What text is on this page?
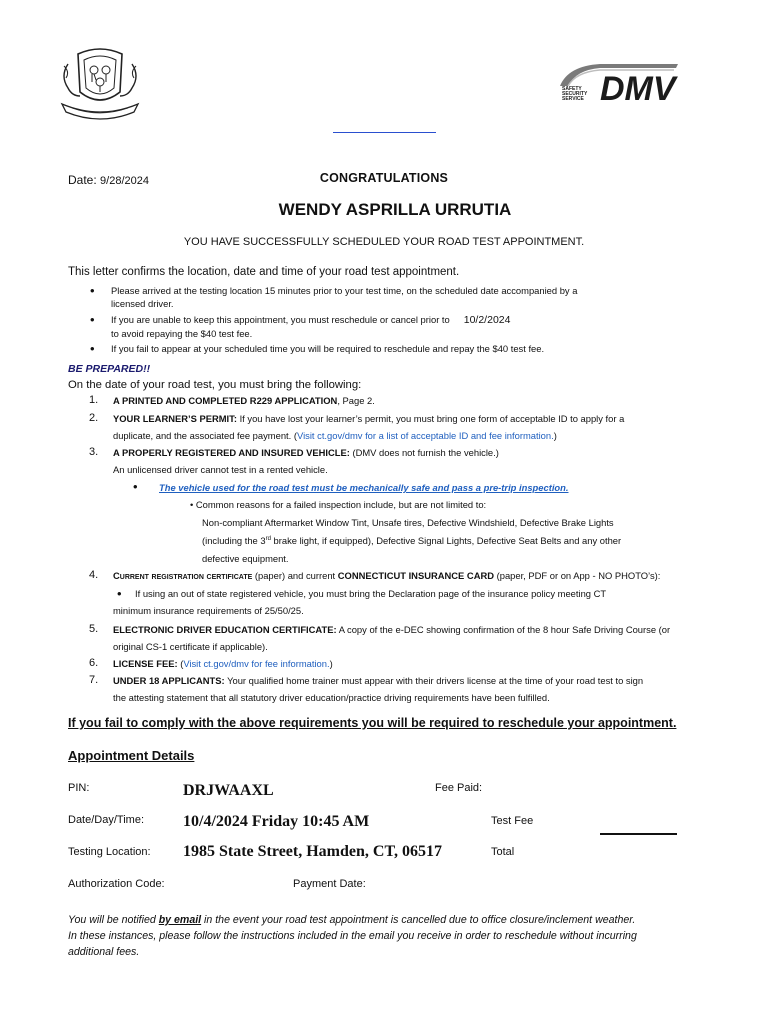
SAFETY
SECURITY
SERVICE DMV
Date: 9/28/2024	CONGRATULATIONS
WENDY ASPRILLA URRUTIA
YOU HAVE SUCCESSFULLY SCHEDULED YOUR ROAD TEST APPOINTMENT.
This letter confirms the location, date and time of your road test appointment.
• Please arrived at the testing location 15 minutes prior to your test time, on the scheduled date accompanied by a
licensed driver.
• If you are unable to keep this appointment, you must reschedule or cancel prior to 10/2/2024
to avoid repaying the $40 test fee.
• If you fail to appear at your scheduled time you will be required to reschedule and repay the $40 test fee.
BE PREPARED!!
On the date of your road test, you must bring the following:
1. A PRINTED AND COMPLETED R229 APPLICATION, Page 2.
2. YOUR LEARNER’S PERMIT: If you have lost your learner’s permit, you must bring one form of acceptable ID to apply for a
duplicate, and the associated fee payment. (Visit ct.gov/dmv for a list of acceptable ID and fee information.)
3. A PROPERLY REGISTERED AND INSURED VEHICLE: (DMV does not furnish the vehicle.)
An unlicensed driver cannot test in a rented vehicle.
• The vehicle used for the road test must be mechanically safe and pass a pre-trip inspection.
• Common reasons for a failed inspection include, but are not limited to:
Non-compliant Aftermarket Window Tint, Unsafe tires, Defective Windshield, Defective Brake Lights
(including the 3rd brake light, if equipped), Defective Signal Lights, Defective Seat Belts and any other
defective equipment.
4. Current registration certificate (paper) and current CONNECTICUT INSURANCE CARD (paper, PDF or on App - NO PHOTO’s):
•	If using an out of state registered vehicle, you must bring the Declaration page of the insurance policy meeting CT
minimum insurance requirements of 25/50/25.
5. ELECTRONIC DRIVER EDUCATION CERTIFICATE: A copy of the e-DEC showing confirmation of the 8 hour Safe Driving Course (or
original CS-1 certificate if applicable).
6. LICENSE FEE: (Visit ct.gov/dmv for fee information.)
7. UNDER 18 APPLICANTS: Your qualified home trainer must appear with their drivers license at the time of your road test to sign
the attesting statement that all statutory driver education/practice driving requirements have been fulfilled.
If you fail to comply with the above requirements you will be required to reschedule your appointment.
Appointment Details
PIN:	DRJWAAXL	Fee Paid:
Date/Day/Time: 10/4/2024 Friday 10:45 AM	Test Fee
Testing Location: 1985 State Street, Hamden, CT, 06517	Total
Authorization Code:	Payment Date:
You will be notified by email in the event your road test appointment is cancelled due to office closure/inclement weather.
In these instances, please follow the instructions included in the email you receive in order to reschedule without incurring
additional fees.
